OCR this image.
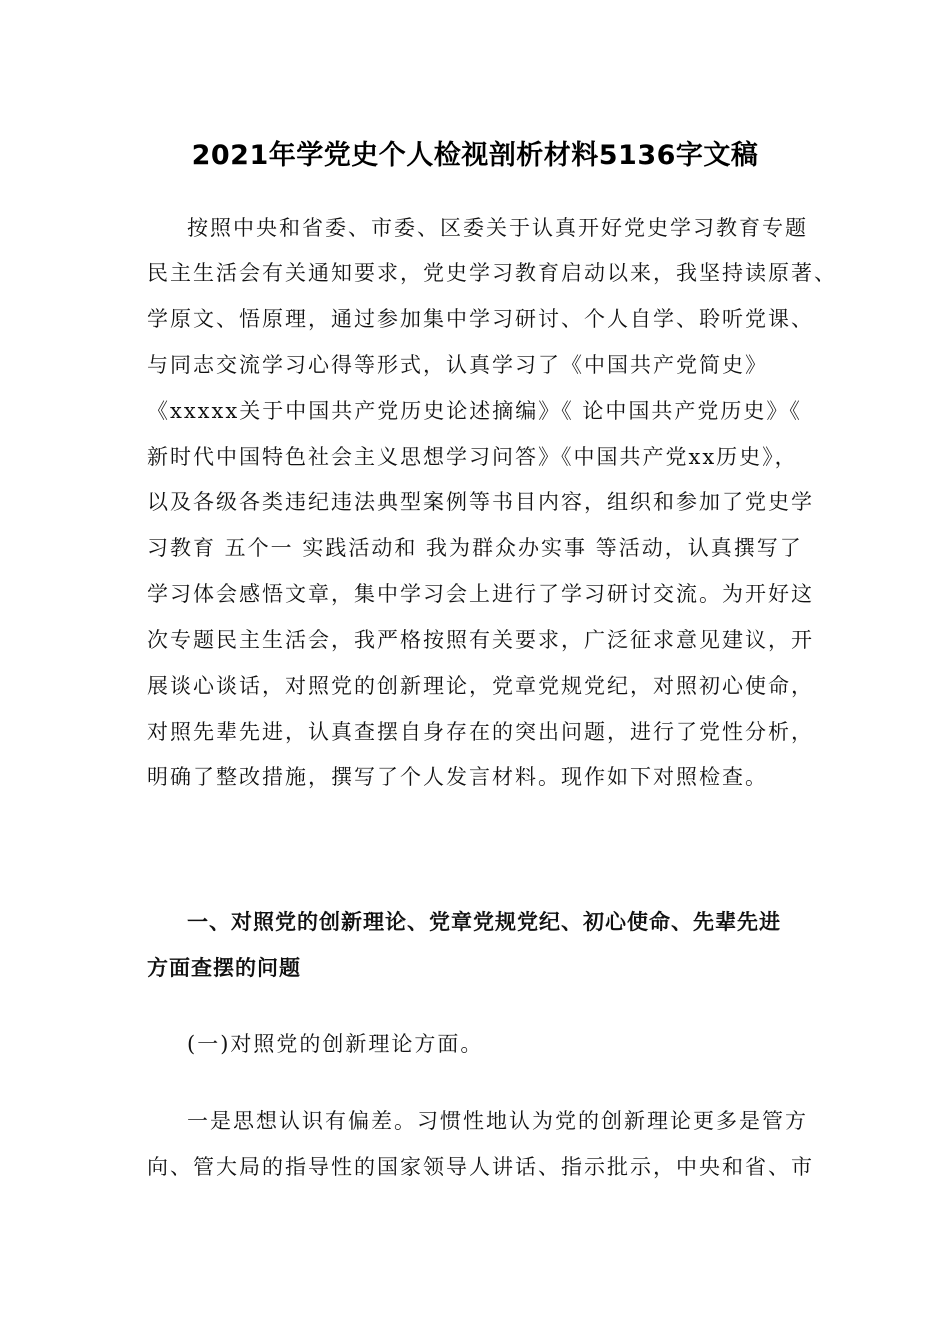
2021年学党史个人检视剖析材料5136字文稿
按照中央和省委、市委、区委关于认真开好党史学习教育专题
民主生活会有关通知要求，党史学习教育启动以来，我坚持读原著、
学原文、悟原理，通过参加集中学习研讨、个人自学、聆听党课、
与同志交流学习心得等形式，认真学习了《中国共产党简史》
《xxxxx关于中国共产党历史论述摘编》《 论中国共产党历史》《
新时代中国特色社会主义思想学习问答》《中国共产党xx历史》，
以及各级各类违纪违法典型案例等书目内容，组织和参加了党史学
习教育 五个一 实践活动和 我为群众办实事 等活动，认真撰写了
学习体会感悟文章，集中学习会上进行了学习研讨交流。为开好这
次专题民主生活会，我严格按照有关要求，广泛征求意见建议，开
展谈心谈话，对照党的创新理论，党章党规党纪，对照初心使命，
对照先辈先进，认真查摆自身存在的突出问题，进行了党性分析，
明确了整改措施，撰写了个人发言材料。现作如下对照检查。
一、对照党的创新理论、党章党规党纪、初心使命、先辈先进
方面查摆的问题
(一)对照党的创新理论方面。
一是思想认识有偏差。习惯性地认为党的创新理论更多是管方
向、管大局的指导性的国家领导人讲话、指示批示，中央和省、市
